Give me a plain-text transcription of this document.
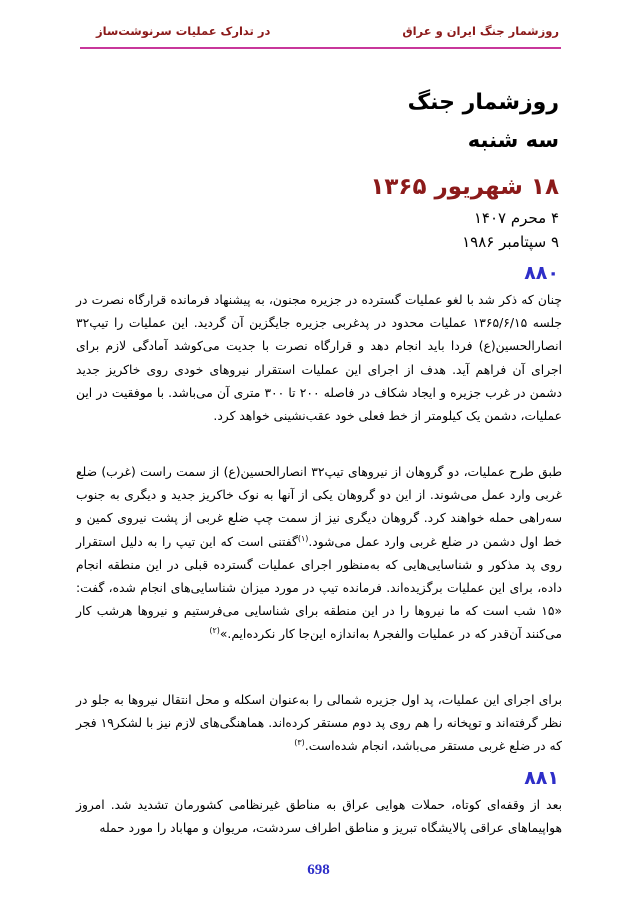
در تدارک عملیات سرنوشت‌ساز	روزشمار جنگ ایران و عراق
روزشمار جنگ
سه شنبه
۱۸ شهریور ۱۳۶۵
۴ محرم ۱۴۰۷
۹ سپتامبر ۱۹۸۶
۸۸۰

چنان که ذکر شد با لغو عملیات گسترده در جزیره مجنون، به پیشنهاد فرمانده قرارگاه نصرت در جلسه ۱۳۶۵/۶/۱۵ عملیات محدود در پدغربی جزیره جایگزین آن گردید. این عملیات را تیپ۳۲ انصارالحسین(ع) فردا باید انجام دهد و قرارگاه نصرت با جدیت می‌کوشد آمادگی لازم برای اجرای آن فراهم آید. هدف از اجرای این عملیات استقرار نیروهای خودی روی خاکریز جدید دشمن در غرب جزیره و ایجاد شکاف در فاصله ۲۰۰ تا ۳۰۰ متری آن می‌باشد. با موفقیت در این عملیات، دشمن یک کیلومتر از خط فعلی خود عقب‌نشینی خواهد کرد.

طبق طرح عملیات، دو گروهان از نیروهای تیپ۳۲ انصارالحسین(ع) از سمت راست (غرب) ضلع غربی وارد عمل می‌شوند. از این دو گروهان یکی از آنها به نوک خاکریز جدید و دیگری به جنوب سه‌راهی حمله خواهند کرد. گروهان دیگری نیز از سمت چپ ضلع غربی از پشت نیروی کمین و خط اول دشمن در ضلع غربی وارد عمل می‌شود.$^{(۱)}$گفتنی است که این تیپ را به دلیل استقرار روی پد مذکور و شناسایی‌هایی که به‌منظور اجرای عملیات گسترده قبلی در این منطقه انجام داده، برای این عملیات برگزیده‌اند. فرمانده تیپ در مورد میزان شناسایی‌های انجام شده، گفت: «۱۵ شب است که ما نیروها را در این منطقه برای شناسایی می‌فرستیم و نیروها هرشب کار می‌کنند آن‌قدر که در عملیات والفجر۸ به‌اندازه این‌جا کار نکرده‌ایم.»$^{(۲)}$

برای اجرای این عملیات، پد اول جزیره شمالی را به‌عنوان اسکله و محل انتقال نیروها به جلو در نظر گرفته‌اند و توپخانه را هم روی پد دوم مستقر کرده‌اند. هماهنگی‌های لازم نیز با لشکر۱۹ فجر که در ضلع غربی مستقر می‌باشد، انجام شده‌است.$^{(۳)}$

۸۸۱

بعد از وقفه‌ای کوتاه، حملات هوایی عراق به مناطق غیرنظامی کشورمان تشدید شد. امروز هواپیماهای عراقی پالایشگاه تبریز و مناطق اطراف سردشت، مریوان و مهاباد را مورد حمله

698
